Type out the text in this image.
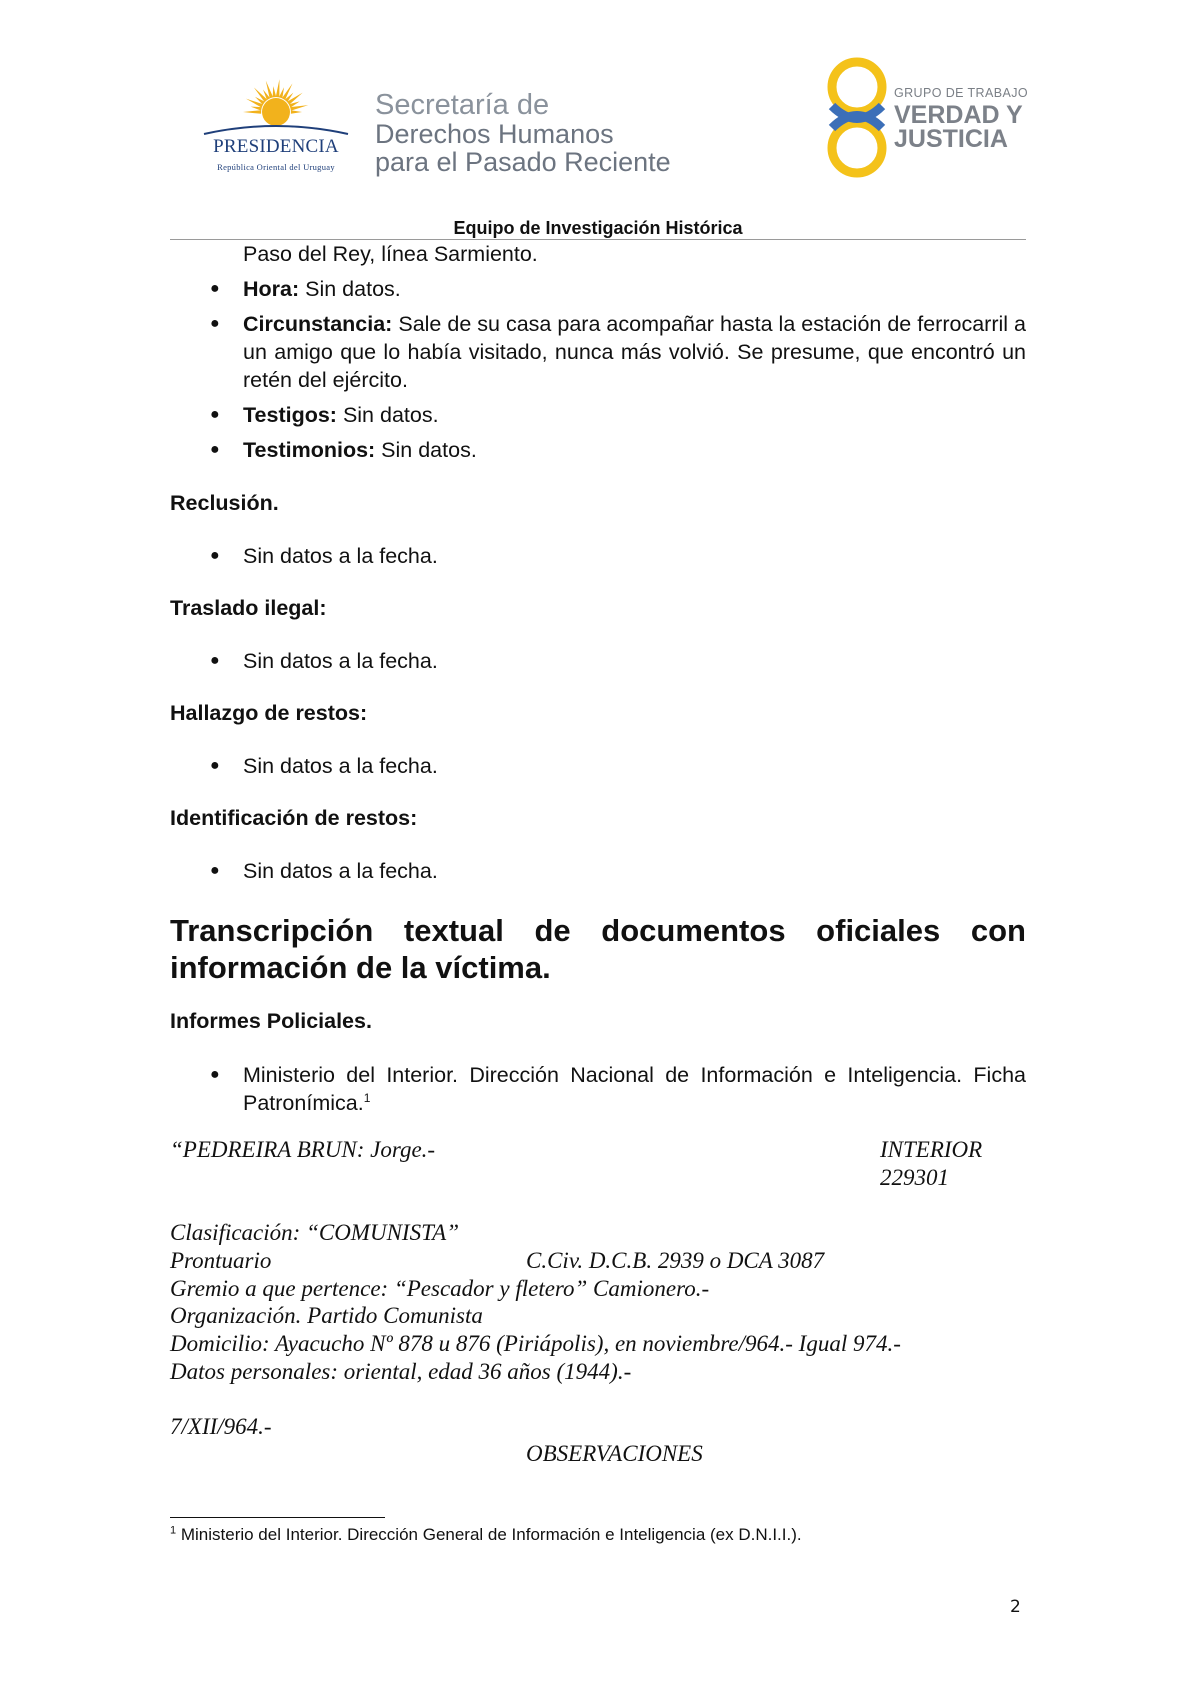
PRESIDENCIA
República Oriental del Uruguay
Secretaría de
Derechos Humanos
para el Pasado Reciente
GRUPO DE TRABAJO
VERDAD Y
JUSTICIA
Equipo de Investigación Histórica
Paso del Rey, línea Sarmiento.
● Hora: Sin datos.
● Circunstancia: Sale de su casa para acompañar hasta la estación de ferrocarril a un amigo que lo había visitado, nunca más volvió. Se presume, que encontró un retén del ejército.
● Testigos: Sin datos.
● Testimonios: Sin datos.
Reclusión.
● Sin datos a la fecha.
Traslado ilegal:
● Sin datos a la fecha.
Hallazgo de restos:
● Sin datos a la fecha.
Identificación de restos:
● Sin datos a la fecha.
Transcripción textual de documentos oficiales con información de la víctima.
Informes Policiales.
● Ministerio del Interior. Dirección Nacional de Información e Inteligencia. Ficha Patronímica.$^1$
“PEDREIRA BRUN: Jorge.-	INTERIOR
229301
Clasificación: “COMUNISTA”
Prontuario	C.Civ. D.C.B. 2939 o DCA 3087
Gremio a que pertence: “Pescador y fletero” Camionero.-
Organización. Partido Comunista
Domicilio: Ayacucho Nº 878 u 876 (Piriápolis), en noviembre/964.- Igual 974.-
Datos personales: oriental, edad 36 años (1944).-
7/XII/964.-
OBSERVACIONES
$^1$ Ministerio del Interior. Dirección General de Información e Inteligencia (ex D.N.I.I.).
2
